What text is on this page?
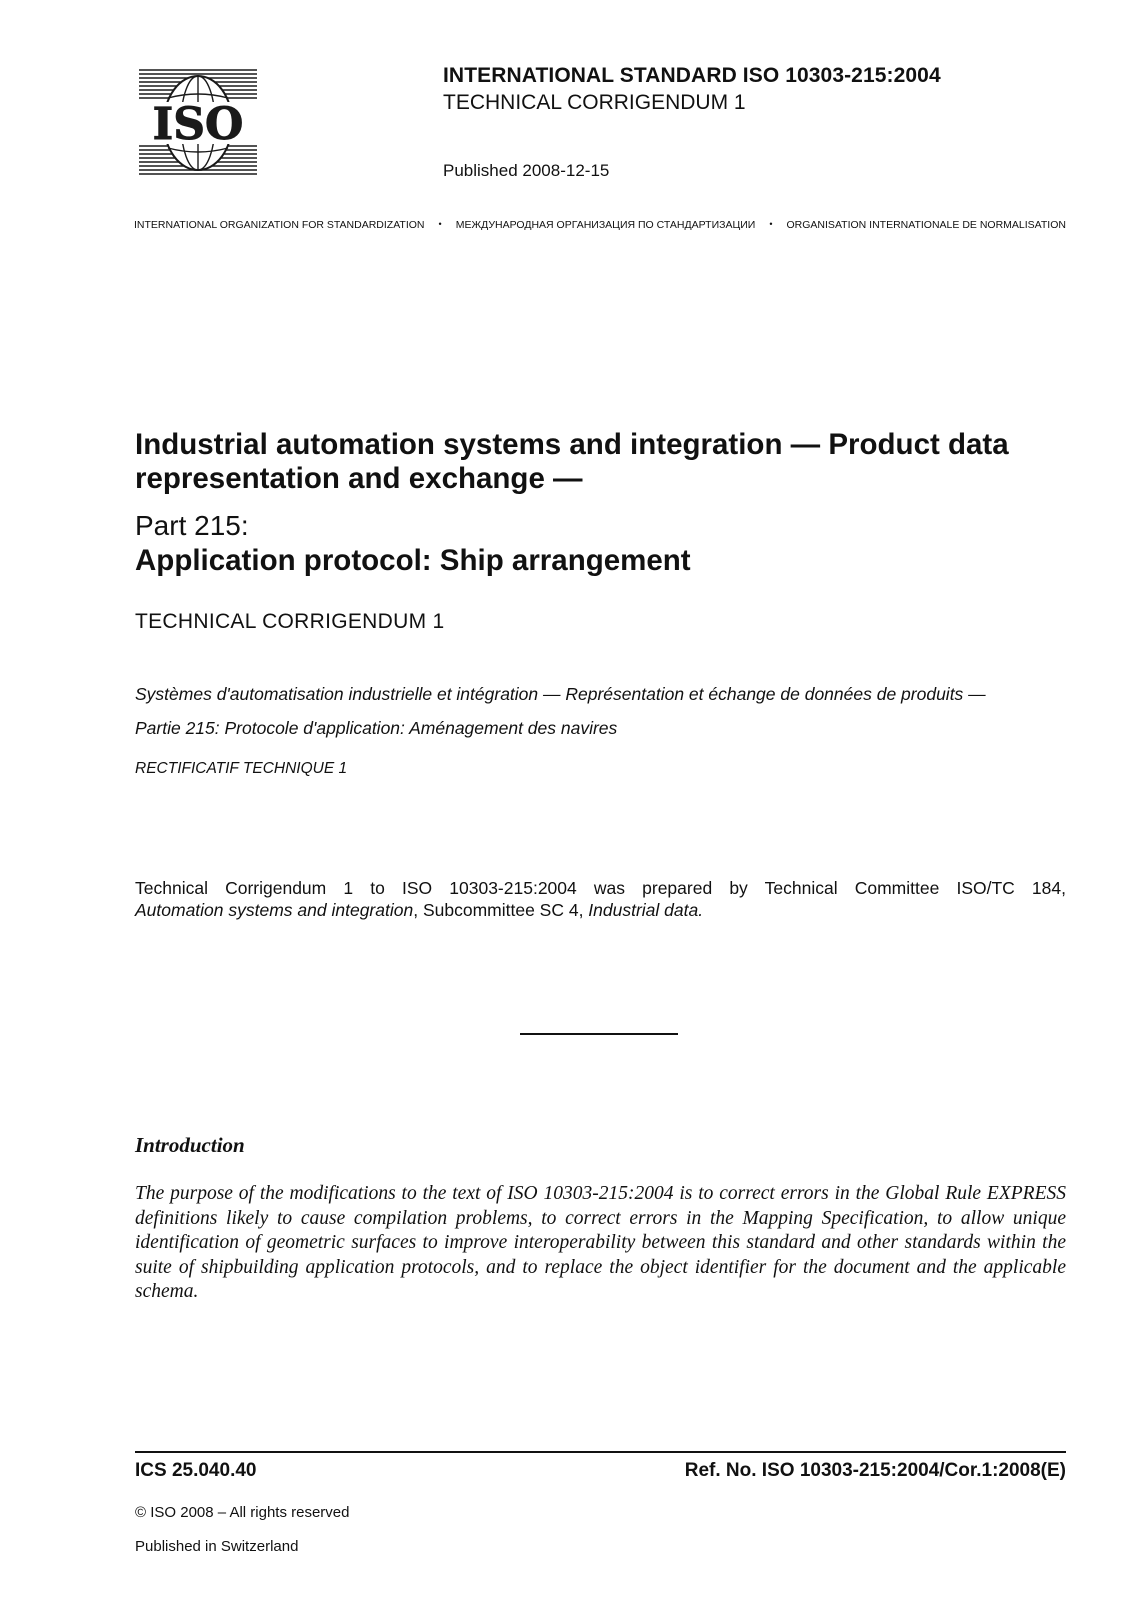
ISO
INTERNATIONAL STANDARD ISO 10303-215:2004
TECHNICAL CORRIGENDUM 1
Published 2008-12-15
INTERNATIONAL ORGANIZATION FOR STANDARDIZATION • МЕЖДУНАРОДНАЯ ОРГАНИЗАЦИЯ ПО СТАНДАРТИЗАЦИИ • ORGANISATION INTERNATIONALE DE NORMALISATION
Industrial automation systems and integration — Product data representation and exchange —
Part 215:
Application protocol: Ship arrangement
TECHNICAL CORRIGENDUM 1
Systèmes d'automatisation industrielle et intégration — Représentation et échange de données de produits —
Partie 215: Protocole d'application: Aménagement des navires
RECTIFICATIF TECHNIQUE 1
Technical Corrigendum 1 to ISO 10303-215:2004 was prepared by Technical Committee ISO/TC 184,
Automation systems and integration, Subcommittee SC 4, Industrial data.
Introduction
The purpose of the modifications to the text of ISO 10303-215:2004 is to correct errors in the Global Rule EXPRESS definitions likely to cause compilation problems, to correct errors in the Mapping Specification, to allow unique identification of geometric surfaces to improve interoperability between this standard and other standards within the suite of shipbuilding application protocols, and to replace the object identifier for the document and the applicable schema.
ICS 25.040.40	Ref. No. ISO 10303-215:2004/Cor.1:2008(E)
© ISO 2008 – All rights reserved
Published in Switzerland
